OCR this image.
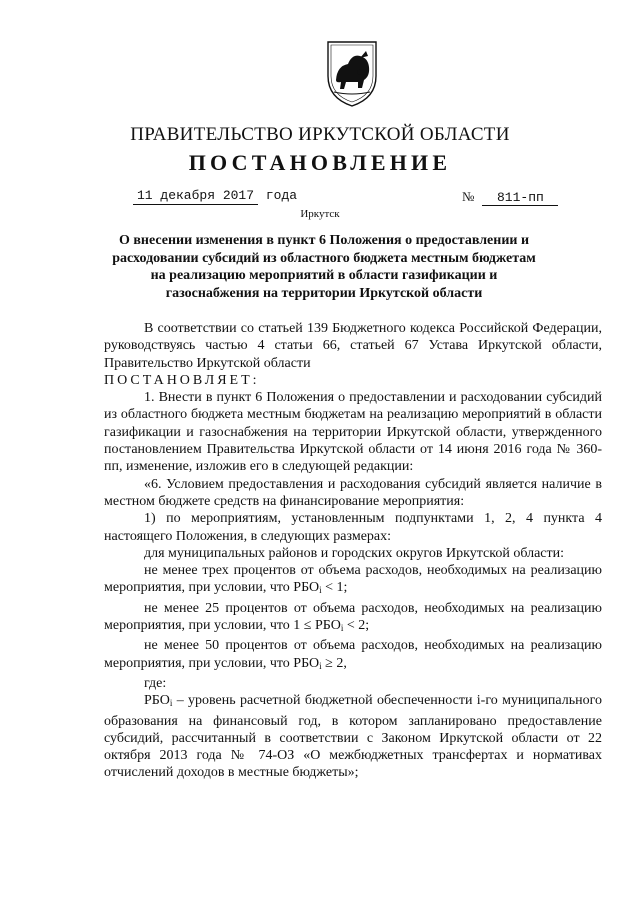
ПРАВИТЕЛЬСТВО ИРКУТСКОЙ ОБЛАСТИ
ПОСТАНОВЛЕНИЕ
11 декабря 2017 года	№ 811-пп
Иркутск
О внесении изменения в пункт 6 Положения о предоставлении и расходовании субсидий из областного бюджета местным бюджетам на реализацию мероприятий в области газификации и газоснабжения на территории Иркутской области

В соответствии со статьей 139 Бюджетного кодекса Российской Федерации, руководствуясь частью 4 статьи 66, статьей 67 Устава Иркутской области, Правительство Иркутской области

ПОСТАНОВЛЯЕТ:

1. Внести в пункт 6 Положения о предоставлении и расходовании субсидий из областного бюджета местным бюджетам на реализацию мероприятий в области газификации и газоснабжения на территории Иркутской области, утвержденного постановлением Правительства Иркутской области от 14 июня 2016 года № 360-пп, изменение, изложив его в следующей редакции:

«6. Условием предоставления и расходования субсидий является наличие в местном бюджете средств на финансирование мероприятия:

1) по мероприятиям, установленным подпунктами 1, 2, 4 пункта 4 настоящего Положения, в следующих размерах:

для муниципальных районов и городских округов Иркутской области:

не менее трех процентов от объема расходов, необходимых на реализацию мероприятия, при условии, что $РБО_i < 1$;

не менее 25 процентов от объема расходов, необходимых на реализацию мероприятия, при условии, что $1 \le РБО_i < 2$;

не менее 50 процентов от объема расходов, необходимых на реализацию мероприятия, при условии, что $РБО_i \ge 2$,

где:

$РБО_i$ – уровень расчетной бюджетной обеспеченности i-го муниципального образования на финансовый год, в котором запланировано предоставление субсидий, рассчитанный в соответствии с Законом Иркутской области от 22 октября 2013 года № 74-ОЗ «О межбюджетных трансфертах и нормативах отчислений доходов в местные бюджеты»;
